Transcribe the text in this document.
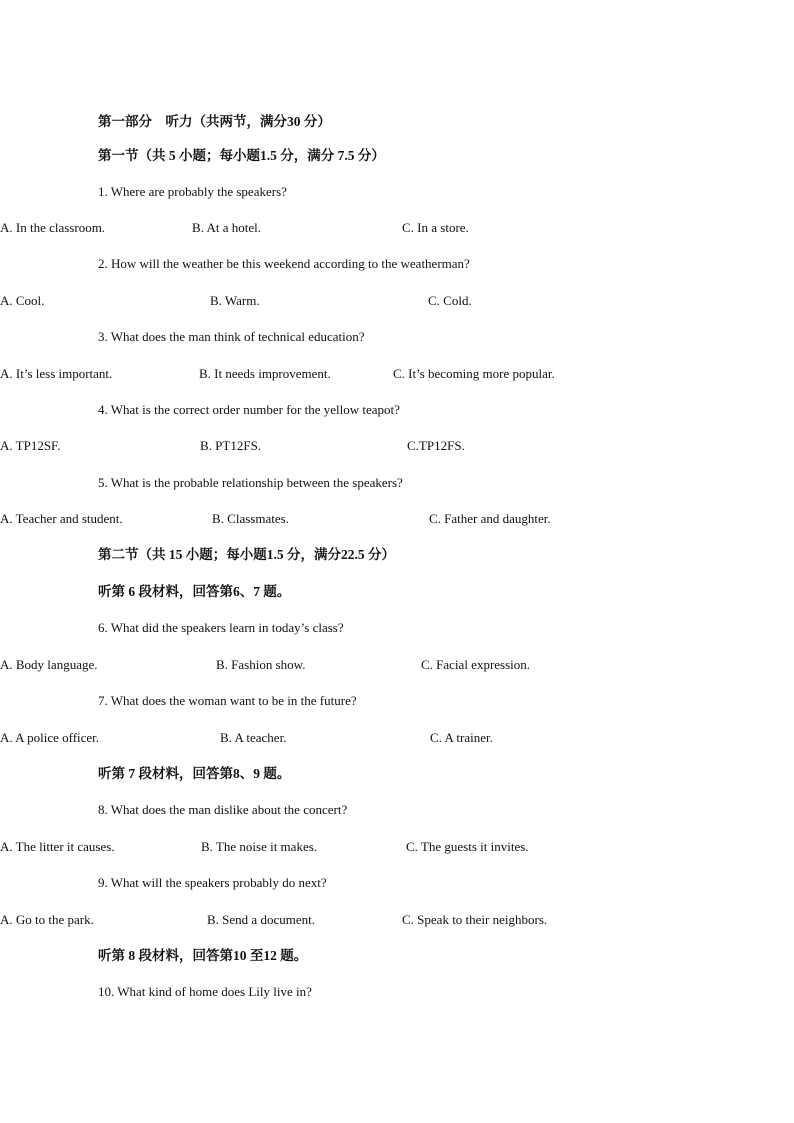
第一部分　听力（共两节，满分30 分）
第一节（共 5 小题；每小题1.5 分，满分 7.5 分）
1. Where are probably the speakers?
A. In the classroom.	B. At a hotel.	C. In a store.
2. How will the weather be this weekend according to the weatherman?
A. Cool.	B. Warm.	C. Cold.
3. What does the man think of technical education?
A. It’s less important.	B. It needs improvement.	C. It’s becoming more popular.
4. What is the correct order number for the yellow teapot?
A. TP12SF.	B. PT12FS.	C.TP12FS.
5. What is the probable relationship between the speakers?
A. Teacher and student.	B. Classmates.	C. Father and daughter.
第二节（共 15 小题；每小题1.5 分，满分22.5 分）
听第 6 段材料，回答第6、7 题。
6. What did the speakers learn in today’s class?
A. Body language.	B. Fashion show.	C. Facial expression.
7. What does the woman want to be in the future?
A. A police officer.	B. A teacher.	C. A trainer.
听第 7 段材料，回答第8、9 题。
8. What does the man dislike about the concert?
A. The litter it causes.	B. The noise it makes.	C. The guests it invites.
9. What will the speakers probably do next?
A. Go to the park.	B. Send a document.	C. Speak to their neighbors.
听第 8 段材料，回答第10 至12 题。
10. What kind of home does Lily live in?
